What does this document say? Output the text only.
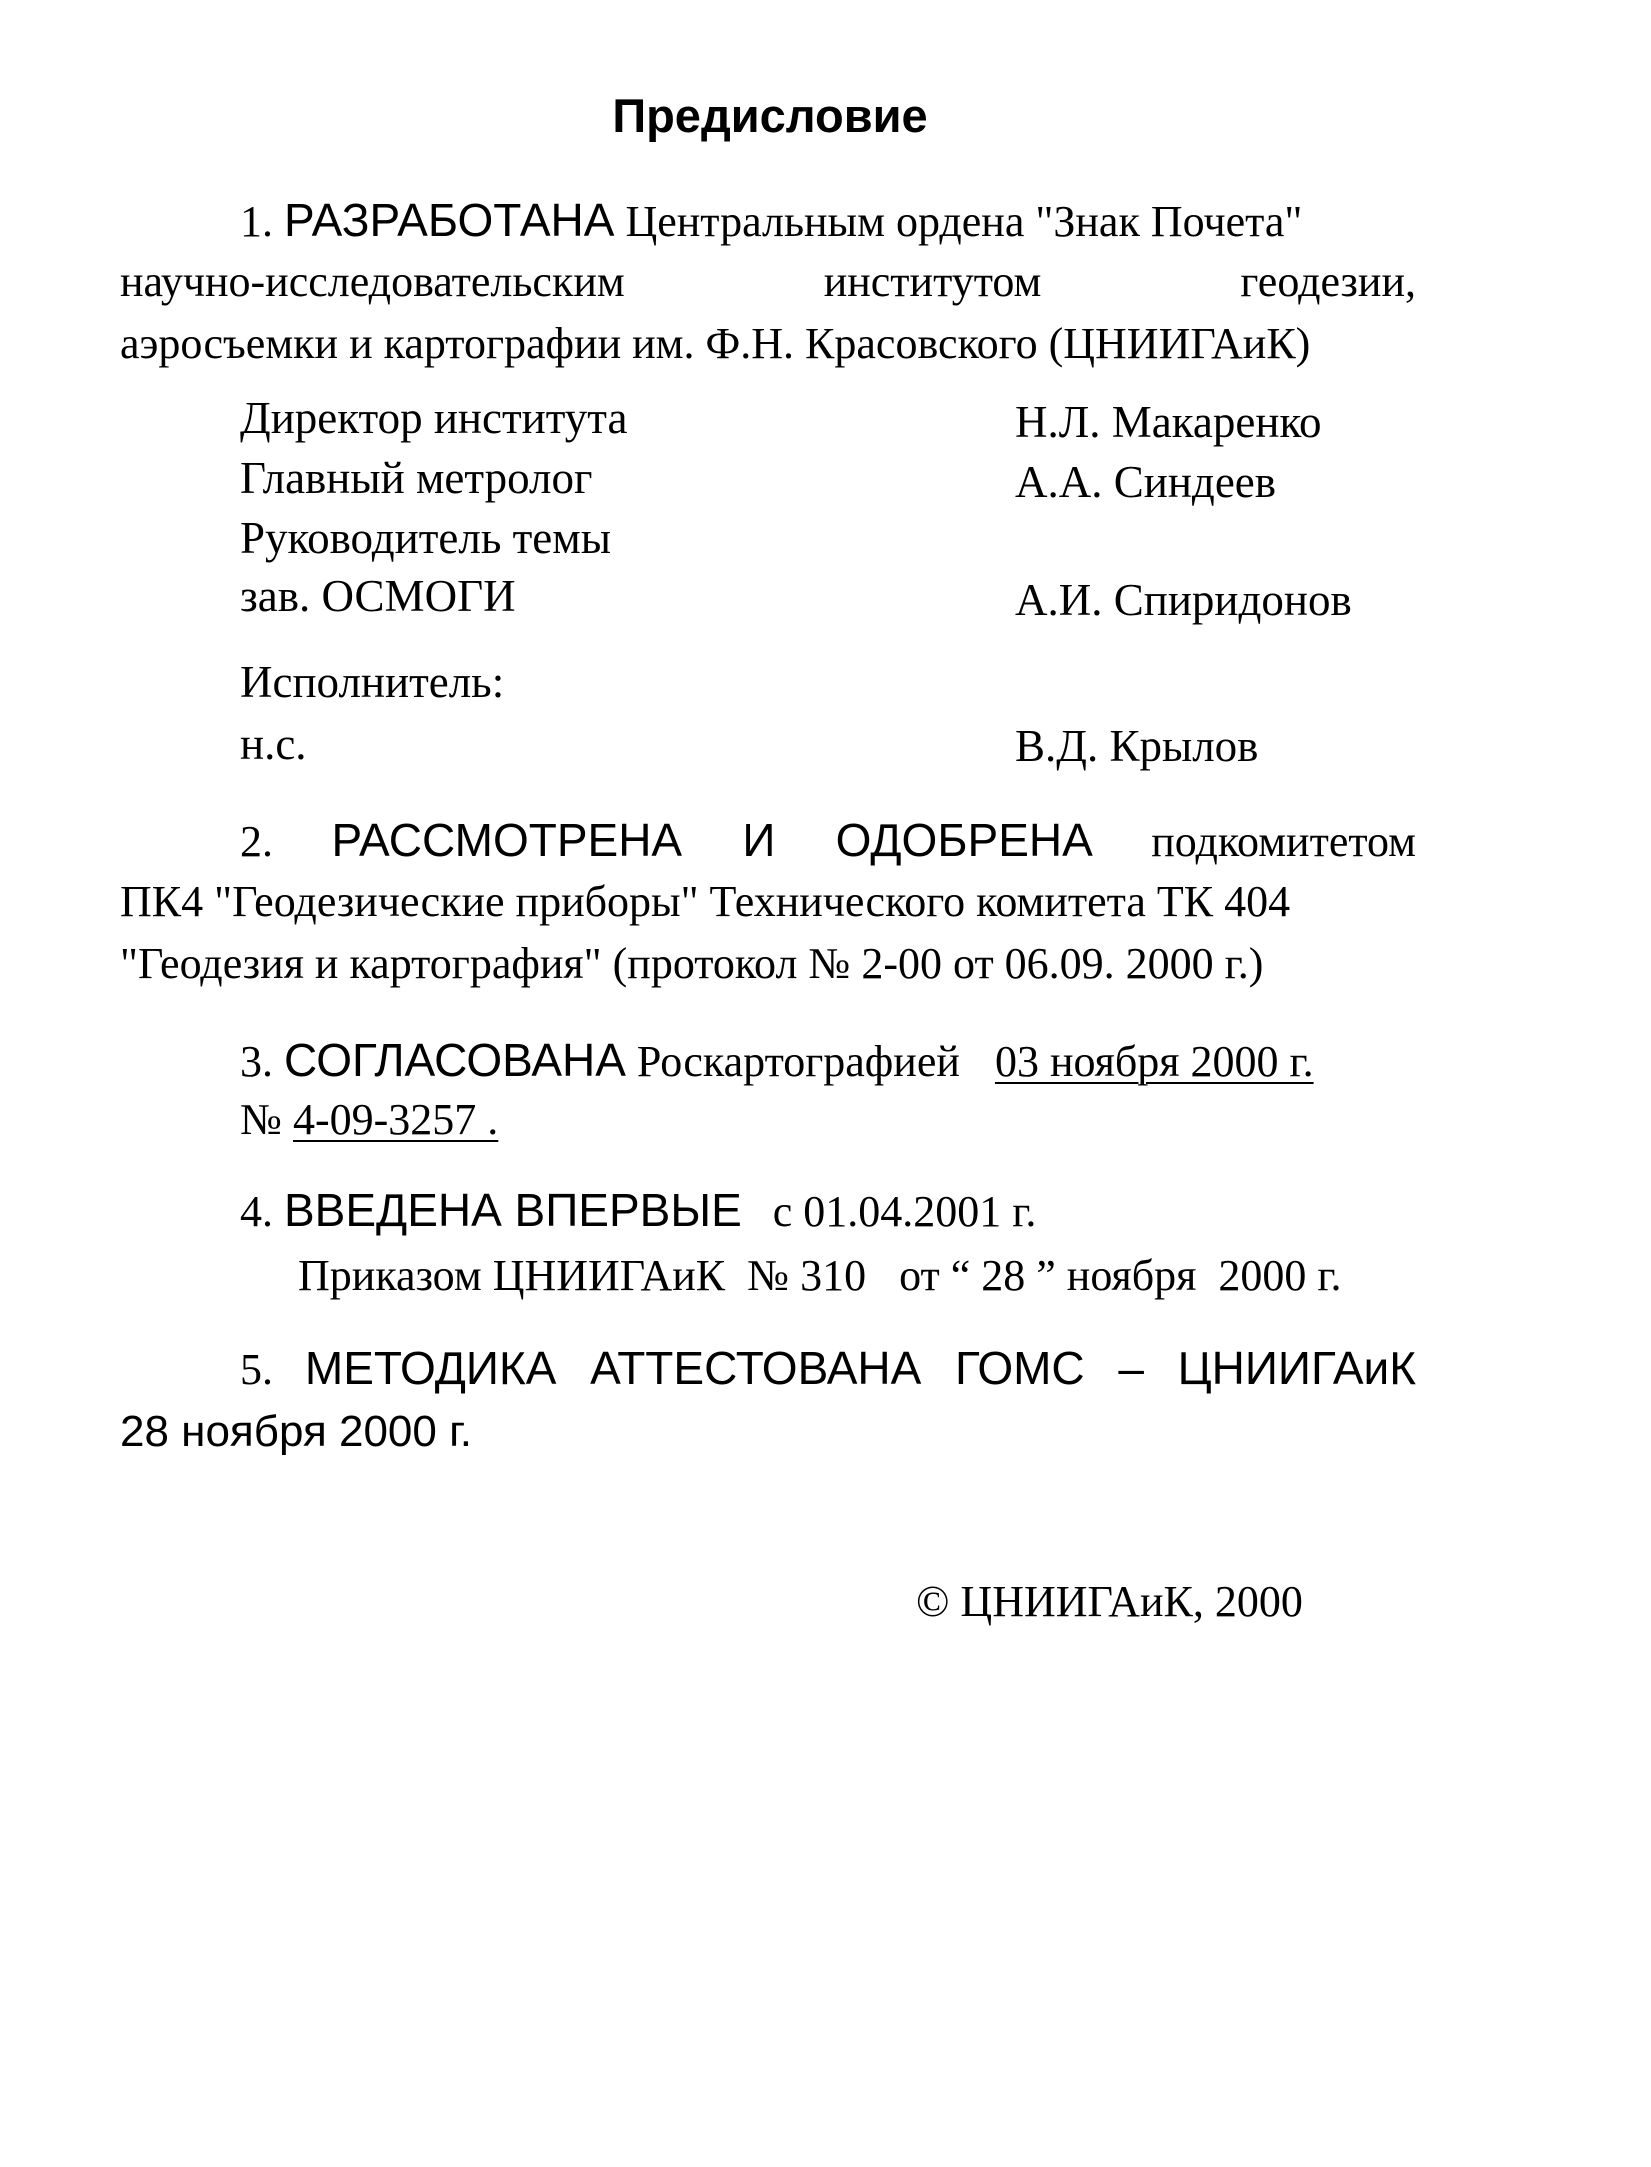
Предисловие
1. РАЗРАБОТАНА Центральным ордена "Знак Почета"
научно-исследовательским	институтом	геодезии,
аэросъемки и картографии им. Ф.Н. Красовского (ЦНИИГАиК)
Директор института	Н.Л. Макаренко
Главный метролог	А.А. Синдеев
Руководитель темы
зав. ОСМОГИ	А.И. Спиридонов
Исполнитель:
н.с.	В.Д. Крылов
2. РАССМОТРЕНА И ОДОБРЕНА подкомитетом
ПК4 "Геодезические приборы" Технического комитета ТК 404
"Геодезия и картография" (протокол № 2-00 от 06.09. 2000 г.)
3. СОГЛАСОВАНА Роскартографией 03 ноября 2000 г.
№ 4-09-3257 .
4. ВВЕДЕНА ВПЕРВЫЕ с 01.04.2001 г.
Приказом ЦНИИГАиК  № 310   от “ 28 ” ноября  2000 г.
5. МЕТОДИКА АТТЕСТОВАНА ГОМС – ЦНИИГАиК
28 ноября 2000 г.
© ЦНИИГАиК, 2000
